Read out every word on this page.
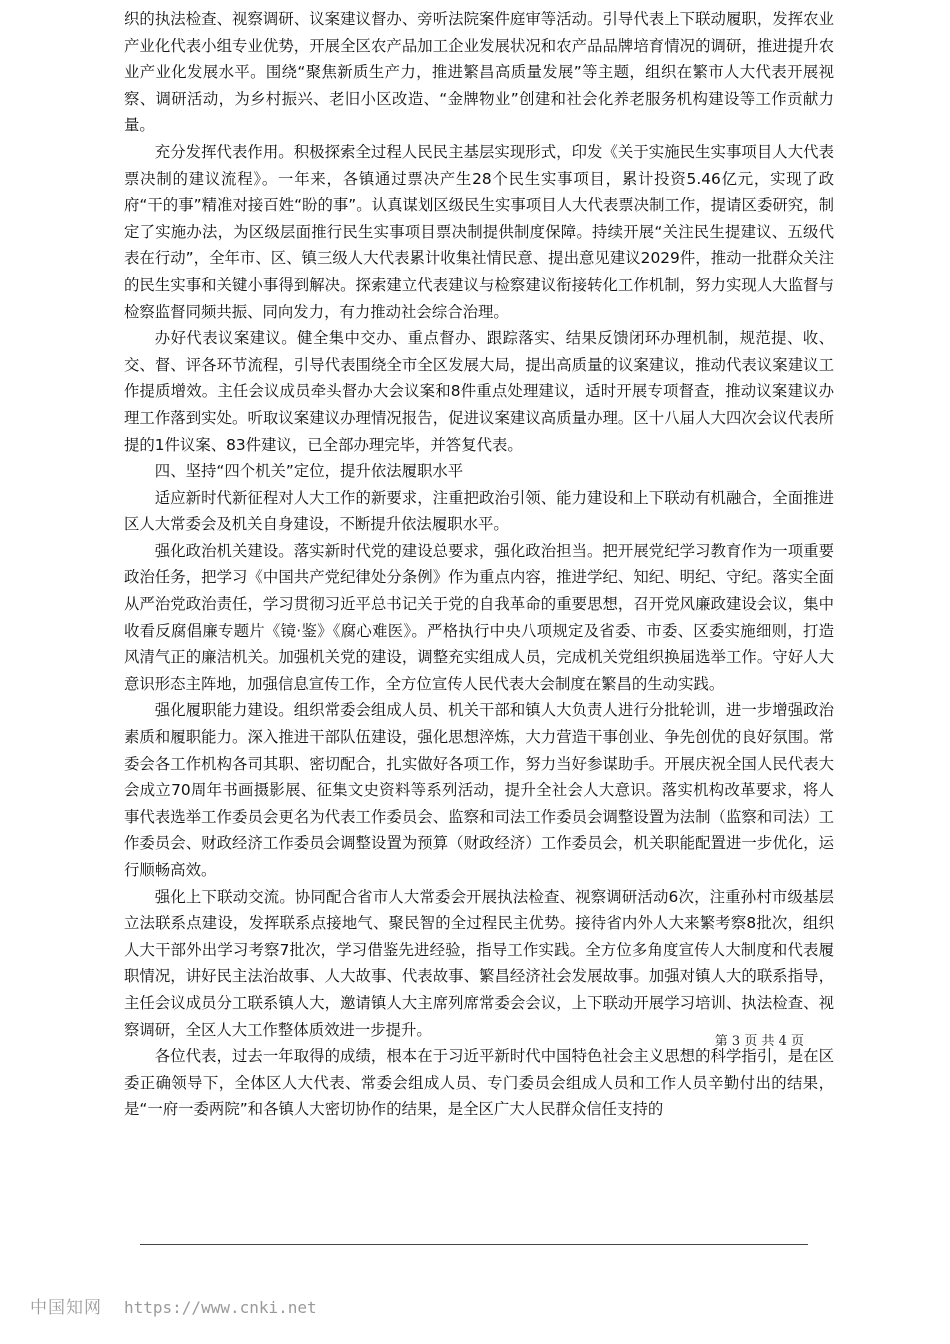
织的执法检查、视察调研、议案建议督办、旁听法院案件庭审等活动。引导代表上下联动履职，发挥农业产业化代表小组专业优势，开展全区农产品加工企业发展状况和农产品品牌培育情况的调研，推进提升农业产业化发展水平。围绕“聚焦新质生产力，推进繁昌高质量发展”等主题，组织在繁市人大代表开展视察、调研活动，为乡村振兴、老旧小区改造、“金牌物业”创建和社会化养老服务机构建设等工作贡献力量。

充分发挥代表作用。积极探索全过程人民民主基层实现形式，印发《关于实施民生实事项目人大代表票决制的建议流程》。一年来，各镇通过票决产生28个民生实事项目，累计投资5.46亿元，实现了政府“干的事”精准对接百姓“盼的事”。认真谋划区级民生实事项目人大代表票决制工作，提请区委研究，制定了实施办法，为区级层面推行民生实事项目票决制提供制度保障。持续开展“关注民生提建议、五级代表在行动”，全年市、区、镇三级人大代表累计收集社情民意、提出意见建议2029件，推动一批群众关注的民生实事和关键小事得到解决。探索建立代表建议与检察建议衔接转化工作机制，努力实现人大监督与检察监督同频共振、同向发力，有力推动社会综合治理。

办好代表议案建议。健全集中交办、重点督办、跟踪落实、结果反馈闭环办理机制，规范提、收、交、督、评各环节流程，引导代表围绕全市全区发展大局，提出高质量的议案建议，推动代表议案建议工作提质增效。主任会议成员牵头督办大会议案和8件重点处理建议，适时开展专项督查，推动议案建议办理工作落到实处。听取议案建议办理情况报告，促进议案建议高质量办理。区十八届人大四次会议代表所提的1件议案、83件建议，已全部办理完毕，并答复代表。

四、坚持“四个机关”定位，提升依法履职水平

适应新时代新征程对人大工作的新要求，注重把政治引领、能力建设和上下联动有机融合，全面推进区人大常委会及机关自身建设，不断提升依法履职水平。

强化政治机关建设。落实新时代党的建设总要求，强化政治担当。把开展党纪学习教育作为一项重要政治任务，把学习《中国共产党纪律处分条例》作为重点内容，推进学纪、知纪、明纪、守纪。落实全面从严治党政治责任，学习贯彻习近平总书记关于党的自我革命的重要思想，召开党风廉政建设会议，集中收看反腐倡廉专题片《镜·鉴》《腐心难医》。严格执行中央八项规定及省委、市委、区委实施细则，打造风清气正的廉洁机关。加强机关党的建设，调整充实组成人员，完成机关党组织换届选举工作。守好人大意识形态主阵地，加强信息宣传工作，全方位宣传人民代表大会制度在繁昌的生动实践。

强化履职能力建设。组织常委会组成人员、机关干部和镇人大负责人进行分批轮训，进一步增强政治素质和履职能力。深入推进干部队伍建设，强化思想淬炼，大力营造干事创业、争先创优的良好氛围。常委会各工作机构各司其职、密切配合，扎实做好各项工作，努力当好参谋助手。开展庆祝全国人民代表大会成立70周年书画摄影展、征集文史资料等系列活动，提升全社会人大意识。落实机构改革要求，将人事代表选举工作委员会更名为代表工作委员会、监察和司法工作委员会调整设置为法制（监察和司法）工作委员会、财政经济工作委员会调整设置为预算（财政经济）工作委员会，机关职能配置进一步优化，运行顺畅高效。

强化上下联动交流。协同配合省市人大常委会开展执法检查、视察调研活动6次，注重孙村市级基层立法联系点建设，发挥联系点接地气、聚民智的全过程民主优势。接待省内外人大来繁考察8批次，组织人大干部外出学习考察7批次，学习借鉴先进经验，指导工作实践。全方位多角度宣传人大制度和代表履职情况，讲好民主法治故事、人大故事、代表故事、繁昌经济社会发展故事。加强对镇人大的联系指导，主任会议成员分工联系镇人大，邀请镇人大主席列席常委会会议，上下联动开展学习培训、执法检查、视察调研，全区人大工作整体质效进一步提升。

各位代表，过去一年取得的成绩，根本在于习近平新时代中国特色社会主义思想的科学指引，是在区委正确领导下，全体区人大代表、常委会组成人员、专门委员会组成人员和工作人员辛勤付出的结果，是“一府一委两院”和各镇人大密切协作的结果，是全区广大人民群众信任支持的

第 3 页 共 4 页
中国知网 https://www.cnki.net
